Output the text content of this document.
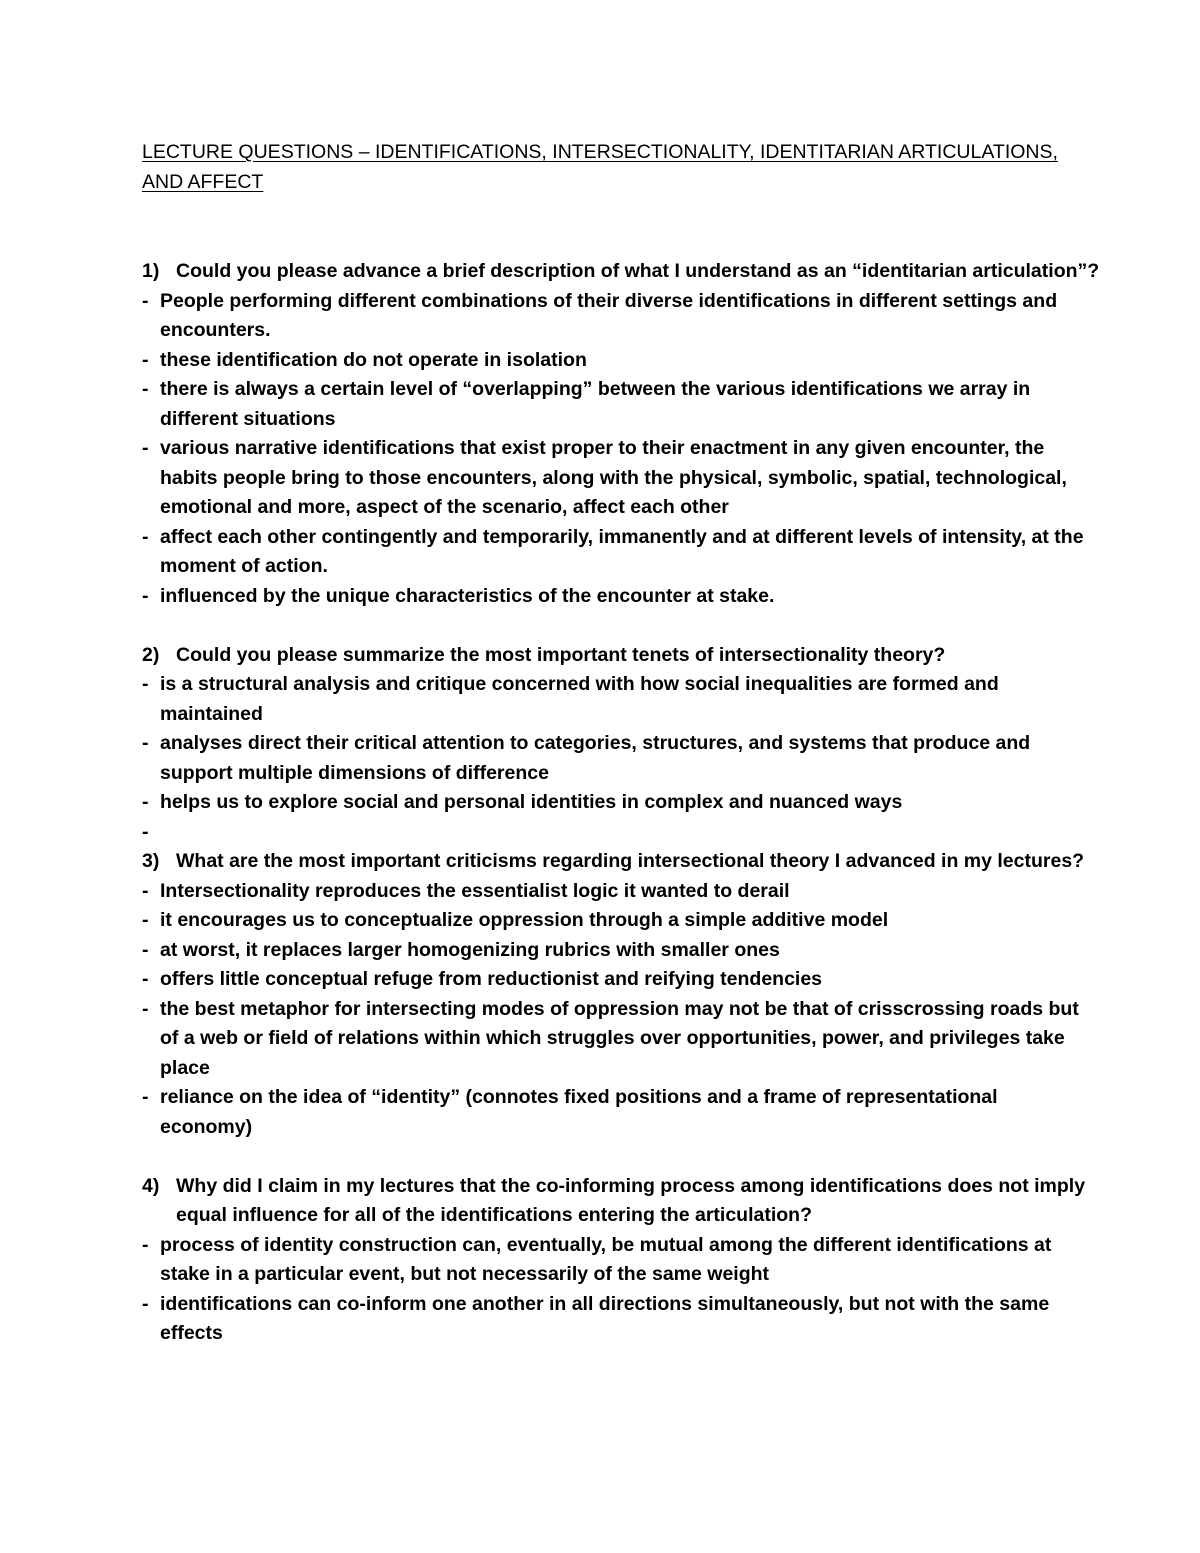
LECTURE QUESTIONS – IDENTIFICATIONS, INTERSECTIONALITY, IDENTITARIAN ARTICULATIONS, AND AFFECT
1) Could you please advance a brief description of what I understand as an “identitarian articulation”?
- People performing different combinations of their diverse identifications in different settings and encounters.
- these identification do not operate in isolation
- there is always a certain level of “overlapping” between the various identifications we array in different situations
- various narrative identifications that exist proper to their enactment in any given encounter, the habits people bring to those encounters, along with the physical, symbolic, spatial, technological, emotional and more, aspect of the scenario, affect each other
- affect each other contingently and temporarily, immanently and at different levels of intensity, at the moment of action.
- influenced by the unique characteristics of the encounter at stake.
2) Could you please summarize the most important tenets of intersectionality theory?
- is a structural analysis and critique concerned with how social inequalities are formed and maintained
- analyses direct their critical attention to categories, structures, and systems that produce and support multiple dimensions of difference
- helps us to explore social and personal identities in complex and nuanced ways
-
3) What are the most important criticisms regarding intersectional theory I advanced in my lectures?
- Intersectionality reproduces the essentialist logic it wanted to derail
- it encourages us to conceptualize oppression through a simple additive model
- at worst, it replaces larger homogenizing rubrics with smaller ones
- offers little conceptual refuge from reductionist and reifying tendencies
- the best metaphor for intersecting modes of oppression may not be that of crisscrossing roads but of a web or field of relations within which struggles over opportunities, power, and privileges take place
- reliance on the idea of “identity” (connotes fixed positions and a frame of representational economy)
4) Why did I claim in my lectures that the co-informing process among identifications does not imply equal influence for all of the identifications entering the articulation?
- process of identity construction can, eventually, be mutual among the different identifications at stake in a particular event, but not necessarily of the same weight
- identifications can co-inform one another in all directions simultaneously, but not with the same effects
